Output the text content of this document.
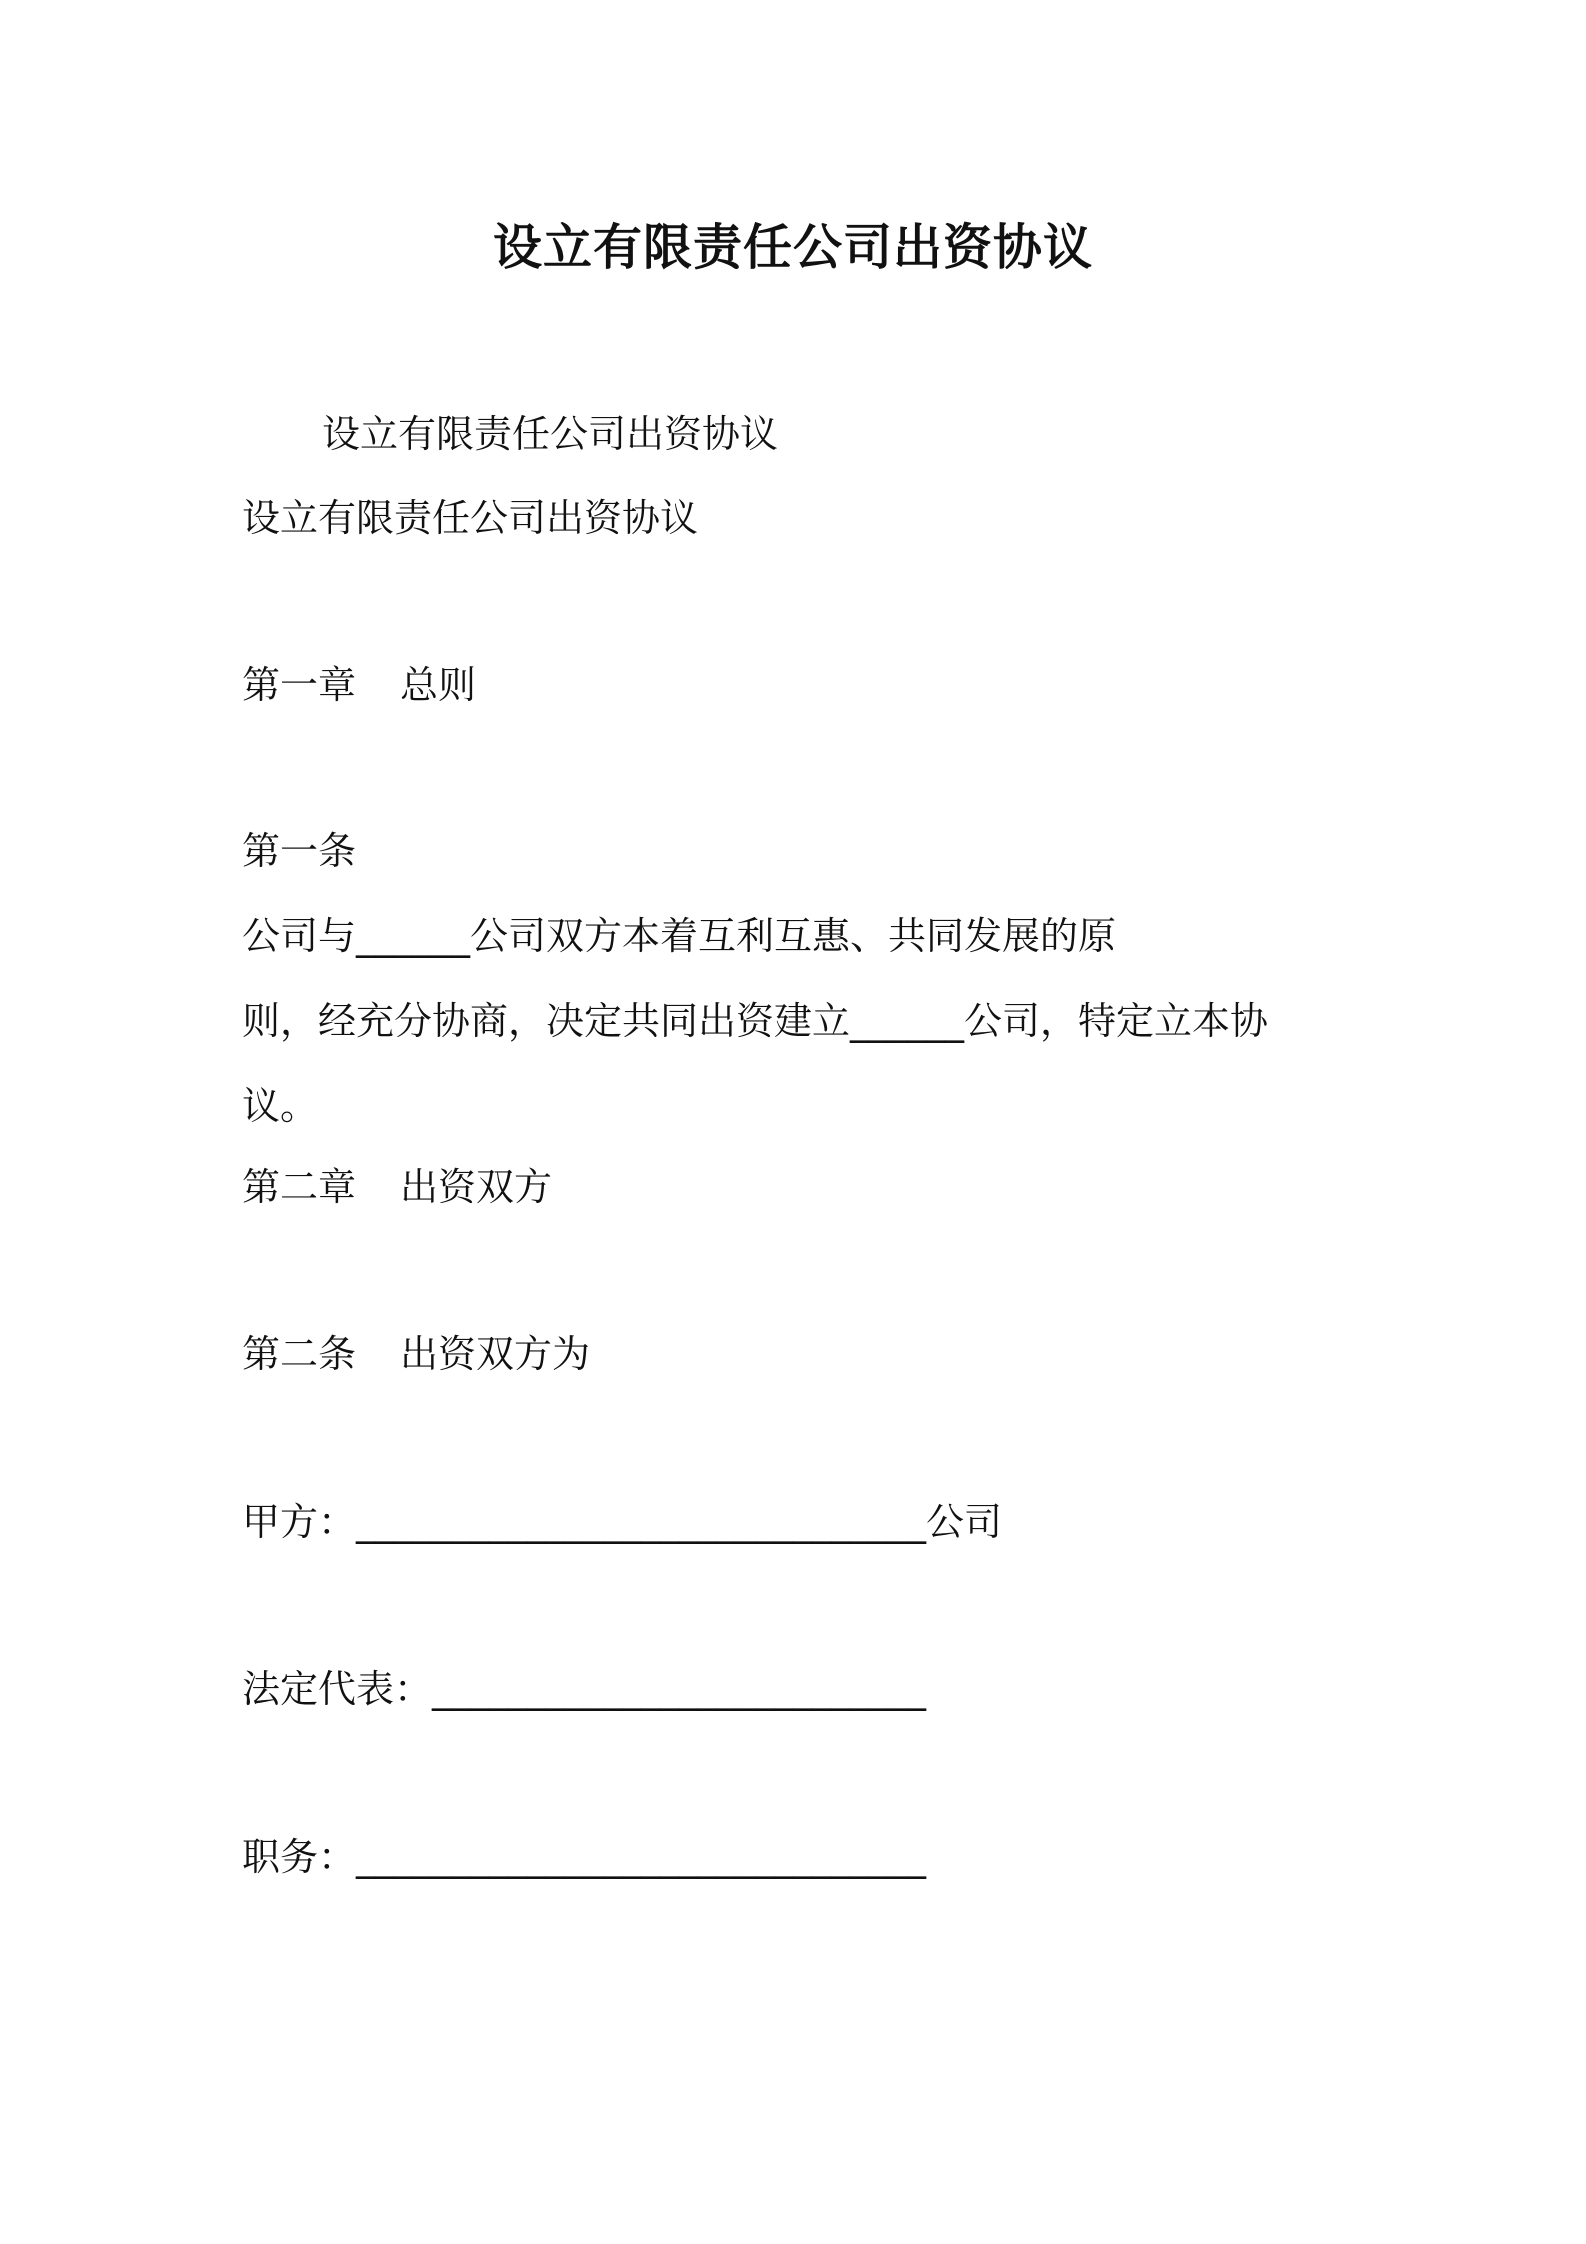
设立有限责任公司出资协议
设立有限责任公司出资协议
设立有限责任公司出资协议
第一章 总则
第一条
公司与______公司双方本着互利互惠、共同发展的原
则，经充分协商，决定共同出资建立______公司，特定立本协
议。
第二章 出资双方
第二条 出资双方为
甲方：______________________________公司
法定代表：__________________________
职务：______________________________
